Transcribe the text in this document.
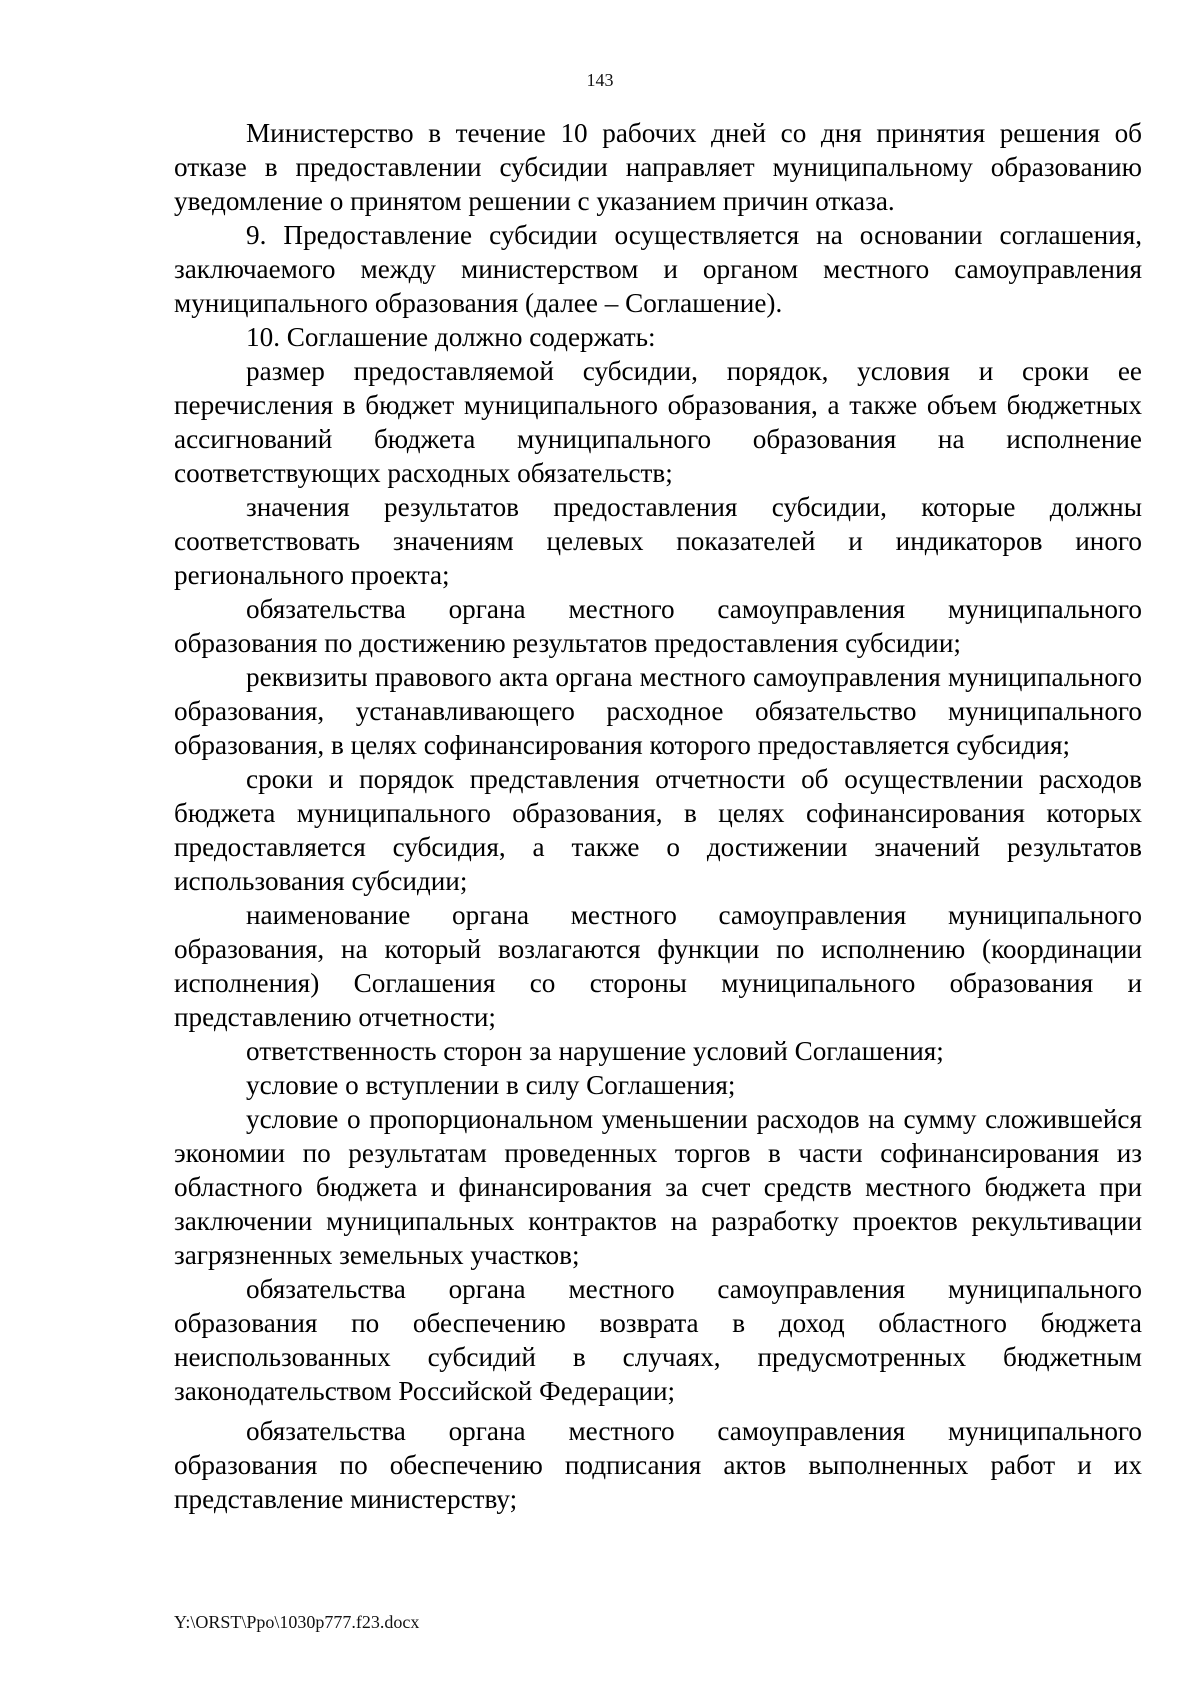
143

Министерство в течение 10 рабочих дней со дня принятия решения об отказе в предоставлении субсидии направляет муниципальному образованию уведомление о принятом решении с указанием причин отказа.

9. Предоставление субсидии осуществляется на основании соглашения, заключаемого между министерством и органом местного самоуправления муниципального образования (далее – Соглашение).

10. Соглашение должно содержать:

размер предоставляемой субсидии, порядок, условия и сроки ее перечисления в бюджет муниципального образования, а также объем бюджетных ассигнований бюджета муниципального образования на исполнение соответствующих расходных обязательств;

значения результатов предоставления субсидии, которые должны соответствовать значениям целевых показателей и индикаторов иного регионального проекта;

обязательства органа местного самоуправления муниципального образования по достижению результатов предоставления субсидии;

реквизиты правового акта органа местного самоуправления муниципального образования, устанавливающего расходное обязательство муниципального образования, в целях софинансирования которого предоставляется субсидия;

сроки и порядок представления отчетности об осуществлении расходов бюджета муниципального образования, в целях софинансирования которых предоставляется субсидия, а также о достижении значений результатов использования субсидии;

наименование органа местного самоуправления муниципального образования, на который возлагаются функции по исполнению (координации исполнения) Соглашения со стороны муниципального образования и представлению отчетности;

ответственность сторон за нарушение условий Соглашения;

условие о вступлении в силу Соглашения;

условие о пропорциональном уменьшении расходов на сумму сложившейся экономии по результатам проведенных торгов в части софинансирования из областного бюджета и финансирования за счет средств местного бюджета при заключении муниципальных контрактов на разработку проектов рекультивации загрязненных земельных участков;

обязательства органа местного самоуправления муниципального образования по обеспечению возврата в доход областного бюджета неиспользованных субсидий в случаях, предусмотренных бюджетным законодательством Российской Федерации;

обязательства органа местного самоуправления муниципального образования по обеспечению подписания актов выполненных работ и их представление министерству;

Y:\ORST\Ppo\1030p777.f23.docx
